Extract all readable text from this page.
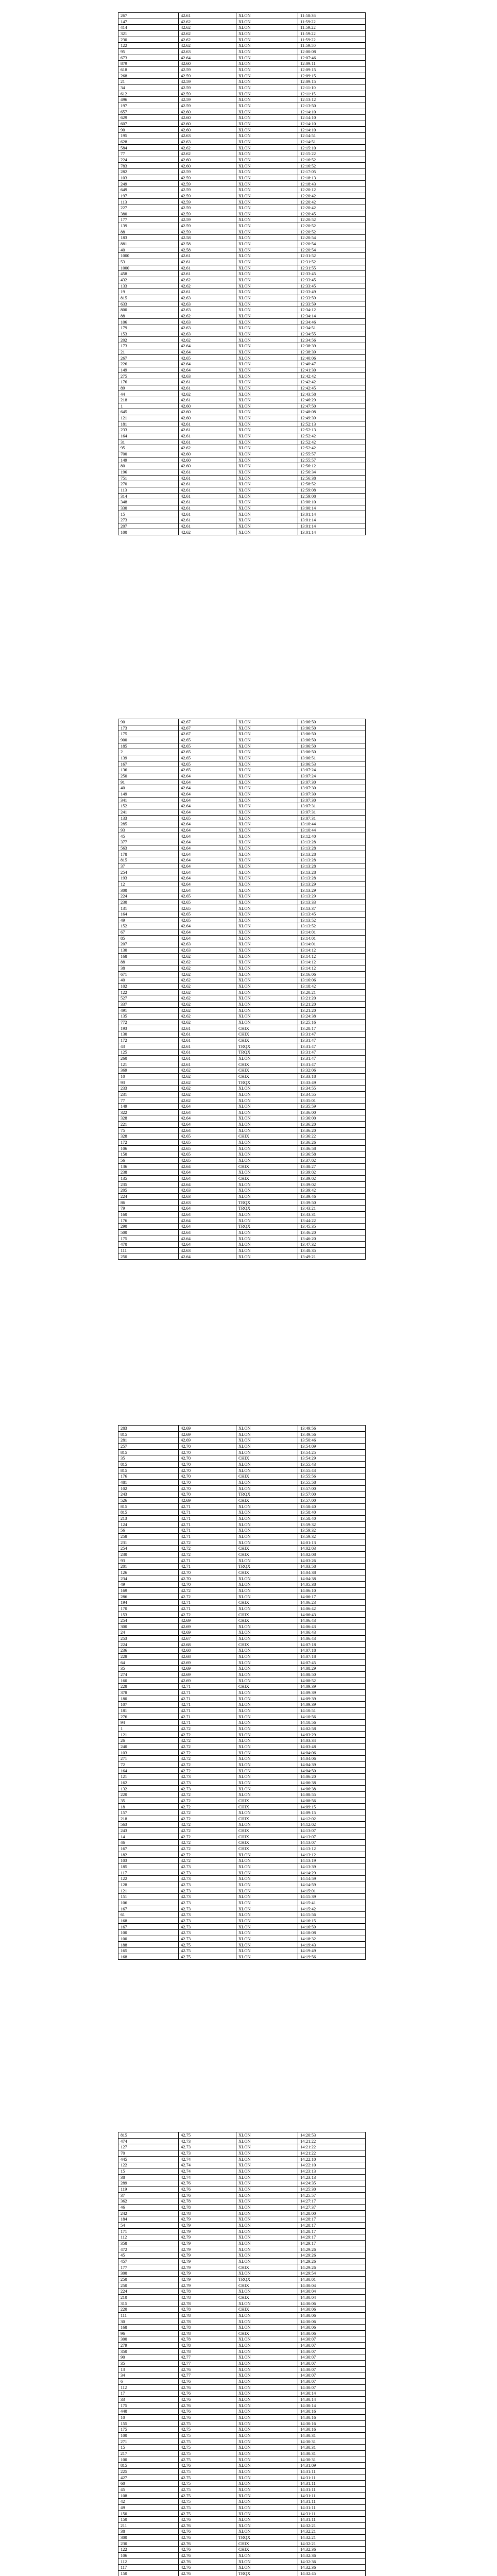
267	42.61	XLON	11:58:36
147	42.62	XLON	11:59:22
414	42.62	XLON	11:59:22
321	42.62	XLON	11:59:22
230	42.62	XLON	11:59:22
122	42.62	XLON	11:59:50
95	42.63	XLON	12:00:08
673	42.64	XLON	12:07:46
879	42.60	XLON	12:09:11
618	42.59	XLON	12:09:15
268	42.59	XLON	12:09:15
21	42.59	XLON	12:09:15
34	42.59	XLON	12:11:10
612	42.59	XLON	12:11:15
496	42.59	XLON	12:13:12
197	42.59	XLON	12:13:50
657	42.60	XLON	12:14:10
629	42.60	XLON	12:14:10
607	42.60	XLON	12:14:10
90	42.60	XLON	12:14:10
195	42.63	XLON	12:14:51
628	42.63	XLON	12:14:51
584	42.62	XLON	12:15:10
77	42.62	XLON	12:15:22
224	42.60	XLON	12:16:52
783	42.60	XLON	12:16:52
282	42.59	XLON	12:17:05
103	42.59	XLON	12:18:13
249	42.59	XLON	12:18:43
649	42.59	XLON	12:20:12
197	42.59	XLON	12:20:42
113	42.59	XLON	12:20:42
227	42.59	XLON	12:20:42
380	42.59	XLON	12:20:45
177	42.59	XLON	12:20:52
139	42.59	XLON	12:20:52
88	42.59	XLON	12:20:52
183	42.58	XLON	12:20:54
881	42.58	XLON	12:20:54
40	42.58	XLON	12:20:54
1000	42.61	XLON	12:31:52
53	42.61	XLON	12:31:52
1000	42.61	XLON	12:31:55
458	42.61	XLON	12:33:45
432	42.62	XLON	12:33:45
133	42.62	XLON	12:33:45
19	42.61	XLON	12:33:49
815	42.63	XLON	12:33:59
633	42.63	XLON	12:33:59
800	42.63	XLON	12:34:12
88	42.62	XLON	12:34:14
106	42.63	XLON	12:34:46
179	42.63	XLON	12:34:51
153	42.63	XLON	12:34:55
202	42.62	XLON	12:34:56
173	42.64	XLON	12:38:39
21	42.64	XLON	12:38:39
267	42.65	XLON	12:40:06
226	42.64	XLON	12:40:47
149	42.64	XLON	12:41:30
275	42.63	XLON	12:42:42
176	42.61	XLON	12:42:42
89	42.61	XLON	12:42:45
44	42.62	XLON	12:43:58
218	42.61	XLON	12:46:29
1	42.60	XLON	12:47:50
645	42.60	XLON	12:48:08
121	42.60	XLON	12:49:39
181	42.61	XLON	12:52:13
233	42.61	XLON	12:52:13
164	42.61	XLON	12:52:42
31	42.61	XLON	12:52:42
95	42.62	XLON	12:52:42
700	42.60	XLON	12:55:57
149	42.60	XLON	12:55:57
80	42.60	XLON	12:56:12
196	42.61	XLON	12:56:34
751	42.61	XLON	12:56:38
270	42.61	XLON	12:58:52
113	42.61	XLON	12:59:08
314	42.61	XLON	12:59:08
348	42.61	XLON	13:00:10
330	42.61	XLON	13:00:14
15	42.61	XLON	13:01:14
273	42.61	XLON	13:01:14
207	42.61	XLON	13:01:14
100	42.62	XLON	13:01:14
90	42.67	XLON	13:06:50
173	42.67	XLON	13:06:50
175	42.67	XLON	13:06:50
900	42.65	XLON	13:06:50
185	42.65	XLON	13:06:50
2	42.65	XLON	13:06:50
139	42.65	XLON	13:06:51
167	42.65	XLON	13:06:53
136	42.65	XLON	13:07:24
250	42.64	XLON	13:07:24
91	42.64	XLON	13:07:30
40	42.64	XLON	13:07:30
149	42.64	XLON	13:07:30
341	42.64	XLON	13:07:30
152	42.64	XLON	13:07:31
241	42.64	XLON	13:07:31
133	42.65	XLON	13:07:31
285	42.64	XLON	13:10:44
93	42.64	XLON	13:10:44
45	42.64	XLON	13:12:40
377	42.64	XLON	13:13:28
563	42.64	XLON	13:13:28
178	42.64	XLON	13:13:28
815	42.64	XLON	13:13:28
37	42.64	XLON	13:13:28
254	42.64	XLON	13:13:28
193	42.64	XLON	13:13:28
12	42.64	XLON	13:13:29
300	42.64	XLON	13:13:29
224	42.65	XLON	13:13:29
230	42.65	XLON	13:13:33
131	42.65	XLON	13:13:37
164	42.65	XLON	13:13:45
49	42.65	XLON	13:13:52
152	42.64	XLON	13:13:52
67	42.64	XLON	13:14:01
85	42.64	XLON	13:14:01
207	42.63	XLON	13:14:01
130	42.63	XLON	13:14:12
168	42.62	XLON	13:14:12
88	42.62	XLON	13:14:12
38	42.62	XLON	13:14:12
671	42.62	XLON	13:16:06
40	42.62	XLON	13:16:06
102	42.62	XLON	13:18:42
122	42.62	XLON	13:20:21
527	42.62	XLON	13:21:20
337	42.62	XLON	13:21:20
491	42.62	XLON	13:21:20
135	42.62	XLON	13:24:38
772	42.62	XLON	13:25:16
193	42.61	CHIX	13:28:17
130	42.61	CHIX	13:31:47
172	42.61	CHIX	13:31:47
43	42.61	TRQX	13:31:47
125	42.61	TRQX	13:31:47
260	42.61	XLON	13:31:47
121	42.61	CHIX	13:31:47
369	42.62	CHIX	13:32:06
10	42.62	CHIX	13:33:18
93	42.62	TRQX	13:33:49
233	42.62	XLON	13:34:55
231	42.62	XLON	13:34:55
77	42.62	XLON	13:35:01
149	42.64	XLON	13:35:59
322	42.64	XLON	13:36:00
328	42.64	XLON	13:36:00
221	42.64	XLON	13:36:20
75	42.64	XLON	13:36:20
328	42.65	CHIX	13:36:22
172	42.65	XLON	13:36:26
106	42.65	XLON	13:36:58
150	42.65	XLON	13:36:58
56	42.65	XLON	13:37:02
136	42.64	CHIX	13:38:27
238	42.64	XLON	13:39:02
135	42.64	CHIX	13:39:02
235	42.64	XLON	13:39:02
205	42.63	XLON	13:39:42
224	42.63	XLON	13:39:46
86	42.63	TRQX	13:39:50
79	42.64	TRQX	13:43:21
160	42.64	XLON	13:43:31
176	42.64	XLON	13:44:22
290	42.64	TRQX	13:45:35
500	42.64	XLON	13:46:20
175	42.64	XLON	13:46:20
470	42.64	XLON	13:47:32
111	42.63	XLON	13:48:35
250	42.64	XLON	13:49:21
283	42.69	XLON	13:49:56
815	42.69	XLON	13:49:56
281	42.69	XLON	13:50:46
257	42.70	XLON	13:54:09
815	42.70	XLON	13:54:25
35	42.70	CHIX	13:54:29
815	42.70	XLON	13:55:43
815	42.70	XLON	13:55:43
176	42.70	CHIX	13:55:56
481	42.70	XLON	13:55:58
102	42.70	XLON	13:57:00
243	42.70	TRQX	13:57:00
526	42.69	CHIX	13:57:00
815	42.71	XLON	13:58:40
815	42.71	XLON	13:58:40
213	42.71	XLON	13:58:40
124	42.71	XLON	13:59:32
56	42.71	XLON	13:59:32
258	42.71	XLON	13:59:32
231	42.72	XLON	14:01:13
254	42.72	CHIX	14:02:03
230	42.72	CHIX	14:02:08
93	42.71	XLON	14:03:26
201	42.71	TRQX	14:03:58
126	42.70	CHIX	14:04:38
234	42.70	XLON	14:04:38
49	42.70	XLON	14:05:38
169	42.72	XLON	14:06:10
286	42.72	XLON	14:06:17
194	42.71	CHIX	14:06:23
170	42.71	XLON	14:06:42
153	42.72	CHIX	14:06:43
254	42.69	CHIX	14:06:43
300	42.69	XLON	14:06:43
24	42.69	XLON	14:06:43
253	42.67	XLON	14:06:43
224	42.68	CHIX	14:07:18
236	42.68	XLON	14:07:18
228	42.68	XLON	14:07:18
64	42.69	XLON	14:07:45
35	42.69	XLON	14:08:29
274	42.69	XLON	14:08:50
160	42.69	XLON	14:08:52
228	42.71	CHIX	14:09:39
378	42.71	XLON	14:09:39
180	42.71	XLON	14:09:39
107	42.71	XLON	14:09:39
181	42.71	XLON	14:10:51
276	42.71	XLON	14:10:56
94	42.71	XLON	14:10:56
1	42.72	XLON	14:02:58
121	42.72	XLON	14:03:29
26	42.72	XLON	14:03:34
240	42.72	XLON	14:03:48
103	42.72	XLON	14:04:06
271	42.72	XLON	14:04:06
72	42.72	XLON	14:04:39
164	42.72	XLON	14:04:50
121	42.73	XLON	14:06:20
162	42.73	XLON	14:06:38
132	42.73	XLON	14:06:38
220	42.72	XLON	14:08:55
35	42.72	CHIX	14:08:56
18	42.72	CHIX	14:09:15
157	42.72	XLON	14:09:15
218	42.72	CHIX	14:12:02
563	42.72	XLON	14:12:02
243	42.72	CHIX	14:13:07
14	42.72	CHIX	14:13:07
46	42.72	CHIX	14:13:07
167	42.72	CHIX	14:13:12
182	42.72	XLON	14:13:12
103	42.72	XLON	14:13:19
185	42.73	XLON	14:13:39
117	42.73	XLON	14:14:29
122	42.73	XLON	14:14:59
128	42.73	XLON	14:14:59
121	42.73	XLON	14:15:01
151	42.73	XLON	14:15:39
106	42.73	XLON	14:15:41
167	42.73	XLON	14:15:42
61	42.73	XLON	14:15:56
168	42.73	XLON	14:16:15
167	42.73	XLON	14:16:59
100	42.73	XLON	14:18:08
100	42.73	XLON	14:18:32
188	42.75	XLON	14:19:43
165	42.75	XLON	14:19:49
168	42.75	XLON	14:19:56
815	42.75	XLON	14:20:53
474	42.73	XLON	14:21:22
127	42.73	XLON	14:21:22
70	42.73	XLON	14:21:22
445	42.74	XLON	14:22:10
122	42.74	XLON	14:22:10
15	42.74	XLON	14:23:13
38	42.74	XLON	14:23:13
289	42.76	XLON	14:24:35
119	42.76	XLON	14:25:30
37	42.76	XLON	14:25:57
362	42.78	XLON	14:27:17
46	42.78	XLON	14:27:37
242	42.78	XLON	14:28:00
184	42.79	XLON	14:28:17
54	42.79	XLON	14:28:17
171	42.79	XLON	14:28:17
112	42.79	XLON	14:29:17
358	42.79	XLON	14:29:17
472	42.79	XLON	14:29:26
45	42.79	XLON	14:29:26
457	42.79	XLON	14:29:26
177	42.79	CHIX	14:29:26
300	42.79	XLON	14:29:54
250	42.79	TRQX	14:30:01
250	42.79	CHIX	14:30:04
224	42.78	XLON	14:30:04
210	42.78	CHIX	14:30:04
315	42.78	XLON	14:30:06
220	42.78	CHIX	14:30:06
111	42.78	XLON	14:30:06
30	42.78	XLON	14:30:06
168	42.78	XLON	14:30:06
96	42.78	CHIX	14:30:06
300	42.78	XLON	14:30:07
279	42.78	XLON	14:30:07
350	42.78	XLON	14:30:07
90	42.77	XLON	14:30:07
35	42.77	XLON	14:30:07
13	42.76	XLON	14:30:07
34	42.77	XLON	14:30:07
6	42.76	XLON	14:30:07
112	42.76	XLON	14:30:07
17	42.76	XLON	14:30:14
33	42.76	XLON	14:30:14
175	42.76	XLON	14:30:14
440	42.76	XLON	14:30:16
10	42.76	XLON	14:30:16
155	42.75	XLON	14:30:16
175	42.75	XLON	14:30:16
100	42.75	XLON	14:30:31
271	42.75	XLON	14:30:31
15	42.75	XLON	14:30:31
217	42.75	XLON	14:30:31
100	42.75	XLON	14:30:31
815	42.76	XLON	14:31:09
225	42.75	XLON	14:31:11
427	42.75	XLON	14:31:11
60	42.75	XLON	14:31:11
45	42.75	XLON	14:31:11
108	42.75	XLON	14:31:11
42	42.75	XLON	14:31:11
49	42.75	XLON	14:31:11
150	42.75	XLON	14:31:11
150	42.76	XLON	14:31:11
211	42.76	XLON	14:32:21
38	42.76	XLON	14:32:21
300	42.76	TRQX	14:32:21
230	42.76	CHIX	14:32:21
122	42.76	CHIX	14:32:36
106	42.76	XLON	14:32:36
112	42.76	XLON	14:32:36
117	42.76	XLON	14:32:36
150	42.76	TRQX	14:32:45
